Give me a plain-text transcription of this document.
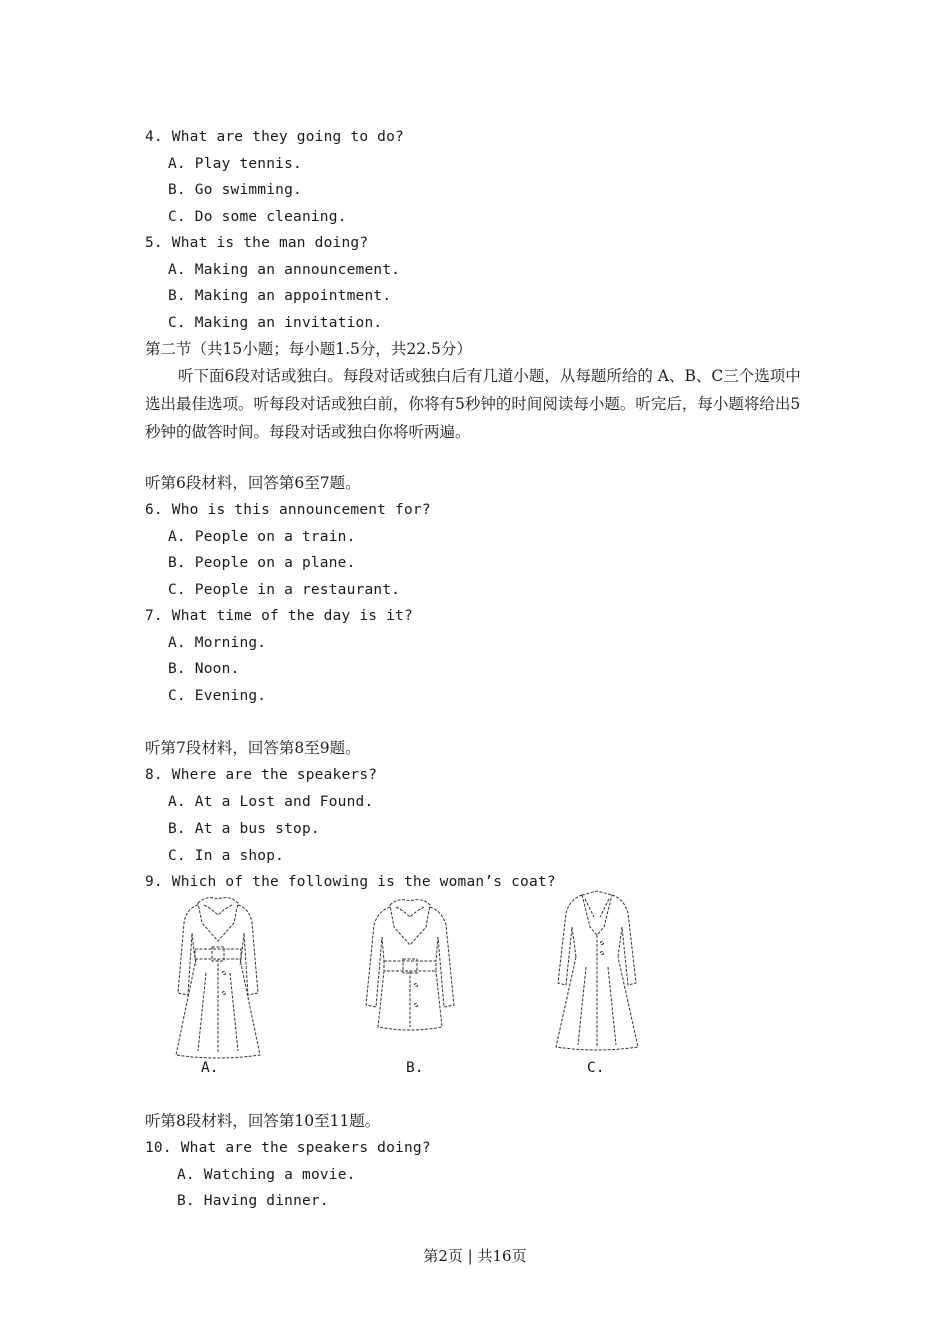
4. What are they going to do?
A. Play tennis.
B. Go swimming.
C. Do some cleaning.
5. What is the man doing?
A. Making an announcement.
B. Making an appointment.
C. Making an invitation.
第二节（共15小题；每小题1.5分，共22.5分）
听下面6段对话或独白。每段对话或独白后有几道小题，从每题所给的 A、B、C三个选项中选出最佳选项。听每段对话或独白前，你将有5秒钟的时间阅读每小题。听完后，每小题将给出5秒钟的做答时间。每段对话或独白你将听两遍。
听第6段材料，回答第6至7题。
6. Who is this announcement for?
A. People on a train.
B. People on a plane.
C. People in a restaurant.
7. What time of the day is it?
A. Morning.
B. Noon.
C. Evening.
听第7段材料，回答第8至9题。
8. Where are the speakers?
A. At a Lost and Found.
B. At a bus stop.
C. In a shop.
9. Which of the following is the woman’s coat?
A.	B.	C.
听第8段材料，回答第10至11题。
10. What are the speakers doing?
A. Watching a movie.
B. Having dinner.
第2页 | 共16页
